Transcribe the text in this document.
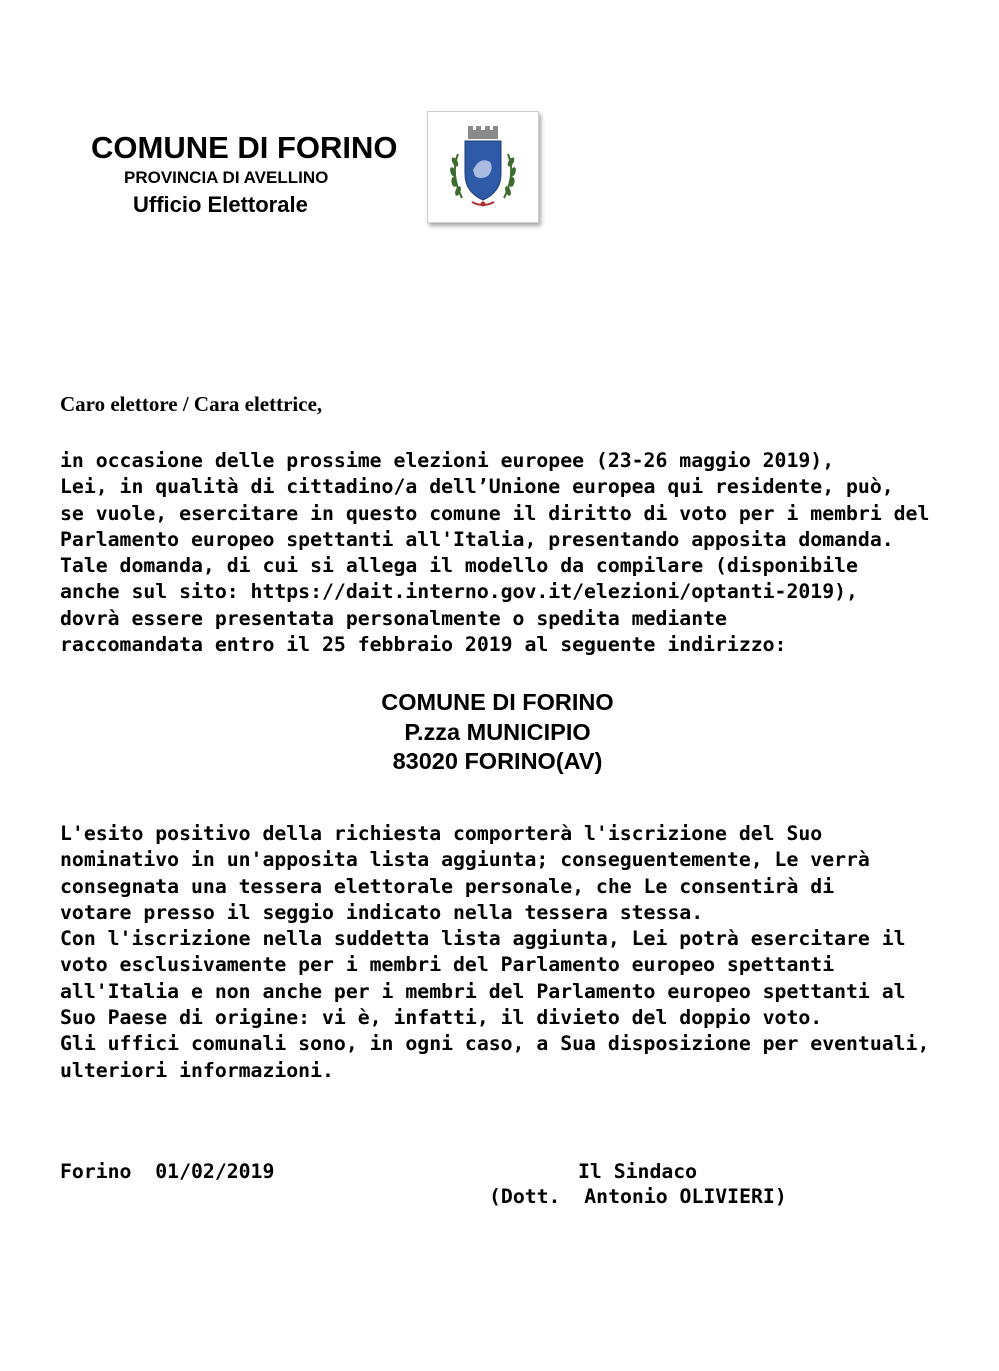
COMUNE DI FORINO
PROVINCIA DI AVELLINO
Ufficio Elettorale
Caro elettore / Cara elettrice,
in occasione delle prossime elezioni europee (23-26 maggio 2019),
Lei, in qualità di cittadino/a dell’Unione europea qui residente, può,
se vuole, esercitare in questo comune il diritto di voto per i membri del
Parlamento europeo spettanti all'Italia, presentando apposita domanda.
Tale domanda, di cui si allega il modello da compilare (disponibile
anche sul sito: https://dait.interno.gov.it/elezioni/optanti-2019),
dovrà essere presentata personalmente o spedita mediante
raccomandata entro il 25 febbraio 2019 al seguente indirizzo:
COMUNE DI FORINO
P.zza MUNICIPIO
83020 FORINO(AV)
L'esito positivo della richiesta comporterà l'iscrizione del Suo
nominativo in un'apposita lista aggiunta; conseguentemente, Le verrà
consegnata una tessera elettorale personale, che Le consentirà di
votare presso il seggio indicato nella tessera stessa.
Con l'iscrizione nella suddetta lista aggiunta, Lei potrà esercitare il
voto esclusivamente per i membri del Parlamento europeo spettanti
all'Italia e non anche per i membri del Parlamento europeo spettanti al
Suo Paese di origine: vi è, infatti, il divieto del doppio voto.
Gli uffici comunali sono, in ogni caso, a Sua disposizione per eventuali,
ulteriori informazioni.
Forino  01/02/2019	Il Sindaco
(Dott.  Antonio OLIVIERI)
